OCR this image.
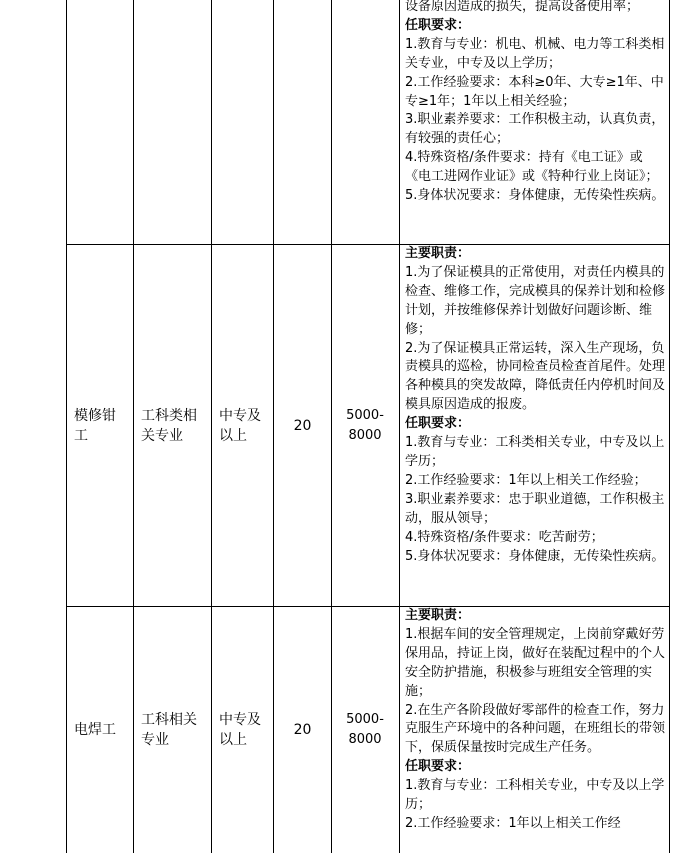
设备原因造成的损失，提高设备使用率；
任职要求：
1.教育与专业：机电、机械、电力等工科类相关专业，中专及以上学历；
2.工作经验要求：本科≥0年、大专≥1年、中专≥1年；1年以上相关经验；
3.职业素养要求：工作积极主动，认真负责，有较强的责任心；
4.特殊资格/条件要求：持有《电工证》或《电工进网作业证》或《特种行业上岗证》；
5.身体状况要求：身体健康，无传染性疾病。
模修钳工
工科类相关专业
中专及以上
20
5000-8000
主要职责：
1.为了保证模具的正常使用，对责任内模具的检查、维修工作，完成模具的保养计划和检修计划，并按维修保养计划做好问题诊断、维修；
2.为了保证模具正常运转，深入生产现场，负责模具的巡检，协同检查员检查首尾件。处理各种模具的突发故障，降低责任内停机时间及模具原因造成的报废。
任职要求：
1.教育与专业：工科类相关专业，中专及以上学历；
2.工作经验要求：1年以上相关工作经验；
3.职业素养要求：忠于职业道德，工作积极主动，服从领导；
4.特殊资格/条件要求：吃苦耐劳；
5.身体状况要求：身体健康，无传染性疾病。
电焊工
工科相关专业
中专及以上
20
5000-8000
主要职责：
1.根据车间的安全管理规定，上岗前穿戴好劳保用品，持证上岗，做好在装配过程中的个人安全防护措施，积极参与班组安全管理的实施；
2.在生产各阶段做好零部件的检查工作，努力克服生产环境中的各种问题，在班组长的带领下，保质保量按时完成生产任务。
任职要求：
1.教育与专业：工科相关专业，中专及以上学历；
2.工作经验要求：1年以上相关工作经
